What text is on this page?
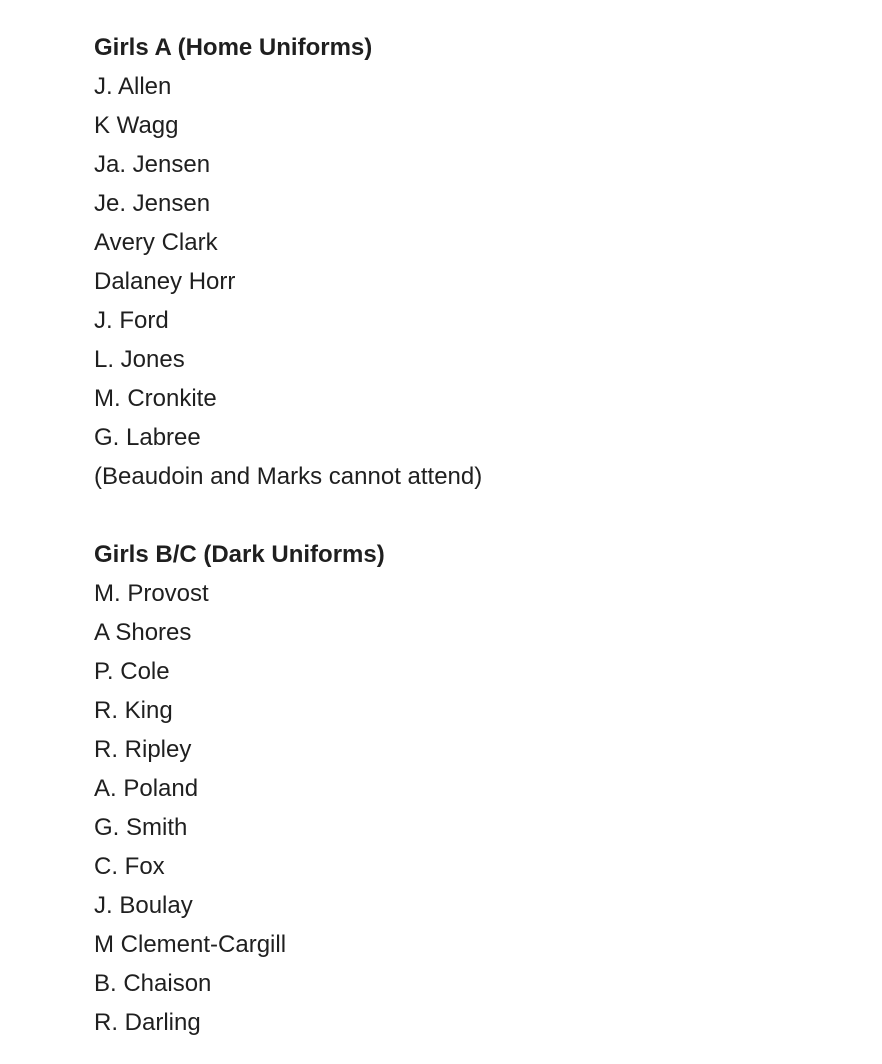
Girls A (Home Uniforms)
J. Allen
K Wagg
Ja. Jensen
Je. Jensen
Avery Clark
Dalaney Horr
J. Ford
L. Jones
M. Cronkite
G. Labree

(Beaudoin and Marks cannot attend)

Girls B/C (Dark Uniforms)
M. Provost
A Shores
P. Cole
R. King
R. Ripley
A. Poland
G. Smith
C. Fox
J. Boulay
M Clement-Cargill
B. Chaison
R. Darling
